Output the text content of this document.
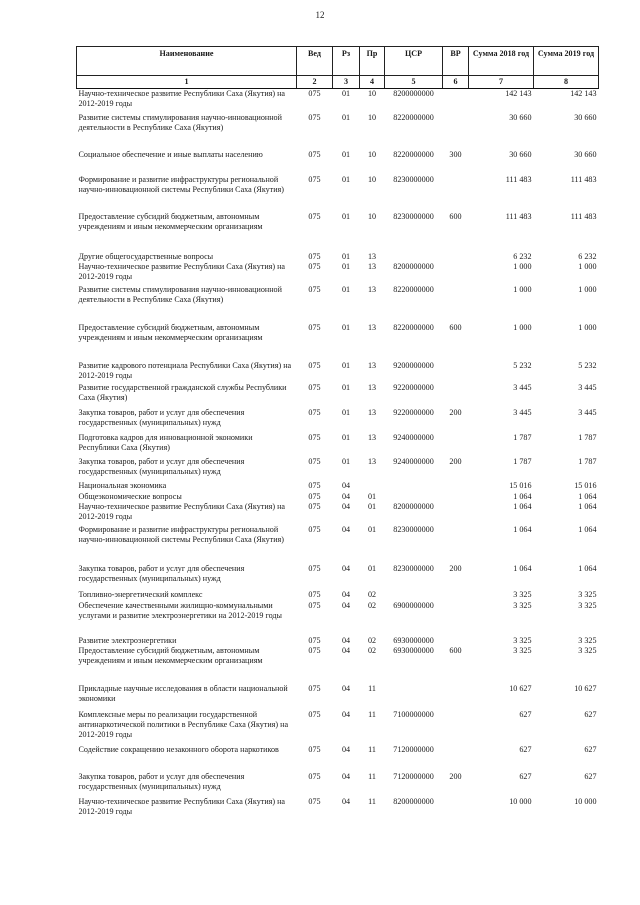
12
Наименование	Вед	Рз	Пр	ЦСР	ВР	Сумма 2018 год	Сумма 2019 год
1	2	3	4	5	6	7	8
Научно-техническое развитие Республики Саха (Якутия) на 2012-2019 годы	075	01	10	8200000000		142 143	142 143
Развитие системы стимулирования научно-инновационной деятельности в Республике Саха (Якутия)	075	01	10	8220000000		30 660	30 660
Социальное обеспечение и иные выплаты населению	075	01	10	8220000000	300	30 660	30 660
Формирование и развитие инфраструктуры региональной научно-инновационной системы Республики Саха (Якутия)	075	01	10	8230000000		111 483	111 483
Предоставление субсидий бюджетным, автономным учреждениям и иным некоммерческим организациям	075	01	10	8230000000	600	111 483	111 483
Другие общегосударственные вопросы	075	01	13			6 232	6 232
Научно-техническое развитие Республики Саха (Якутия) на 2012-2019 годы	075	01	13	8200000000		1 000	1 000
Развитие системы стимулирования научно-инновационной деятельности в Республике Саха (Якутия)	075	01	13	8220000000		1 000	1 000
Предоставление субсидий бюджетным, автономным учреждениям и иным некоммерческим организациям	075	01	13	8220000000	600	1 000	1 000
Развитие кадрового потенциала Республики Саха (Якутия) на 2012-2019 годы	075	01	13	9200000000		5 232	5 232
Развитие государственной гражданской службы Республики Саха (Якутия)	075	01	13	9220000000		3 445	3 445
Закупка товаров, работ и услуг для обеспечения государственных (муниципальных) нужд	075	01	13	9220000000	200	3 445	3 445
Подготовка кадров для инновационной экономики Республики Саха (Якутия)	075	01	13	9240000000		1 787	1 787
Закупка товаров, работ и услуг для обеспечения государственных (муниципальных) нужд	075	01	13	9240000000	200	1 787	1 787
Национальная экономика	075	04				15 016	15 016
Общеэкономические вопросы	075	04	01			1 064	1 064
Научно-техническое развитие Республики Саха (Якутия) на 2012-2019 годы	075	04	01	8200000000		1 064	1 064
Формирование и развитие инфраструктуры региональной научно-инновационной системы Республики Саха (Якутия)	075	04	01	8230000000		1 064	1 064
Закупка товаров, работ и услуг для обеспечения государственных (муниципальных) нужд	075	04	01	8230000000	200	1 064	1 064
Топливно-энергетический комплекс	075	04	02			3 325	3 325
Обеспечение качественными жилищно-коммунальными услугами и развитие электроэнергетики на 2012-2019 годы	075	04	02	6900000000		3 325	3 325
Развитие электроэнергетики	075	04	02	6930000000		3 325	3 325
Предоставление субсидий бюджетным, автономным учреждениям и иным некоммерческим организациям	075	04	02	6930000000	600	3 325	3 325
Прикладные научные исследования в области национальной экономики	075	04	11			10 627	10 627
Комплексные меры по реализации государственной антинаркотической политики в Республике Саха (Якутия) на 2012-2019 годы	075	04	11	7100000000		627	627
Содействие сокращению незаконного оборота наркотиков	075	04	11	7120000000		627	627
Закупка товаров, работ и услуг для обеспечения государственных (муниципальных) нужд	075	04	11	7120000000	200	627	627
Научно-техническое развитие Республики Саха (Якутия) на 2012-2019 годы	075	04	11	8200000000		10 000	10 000
